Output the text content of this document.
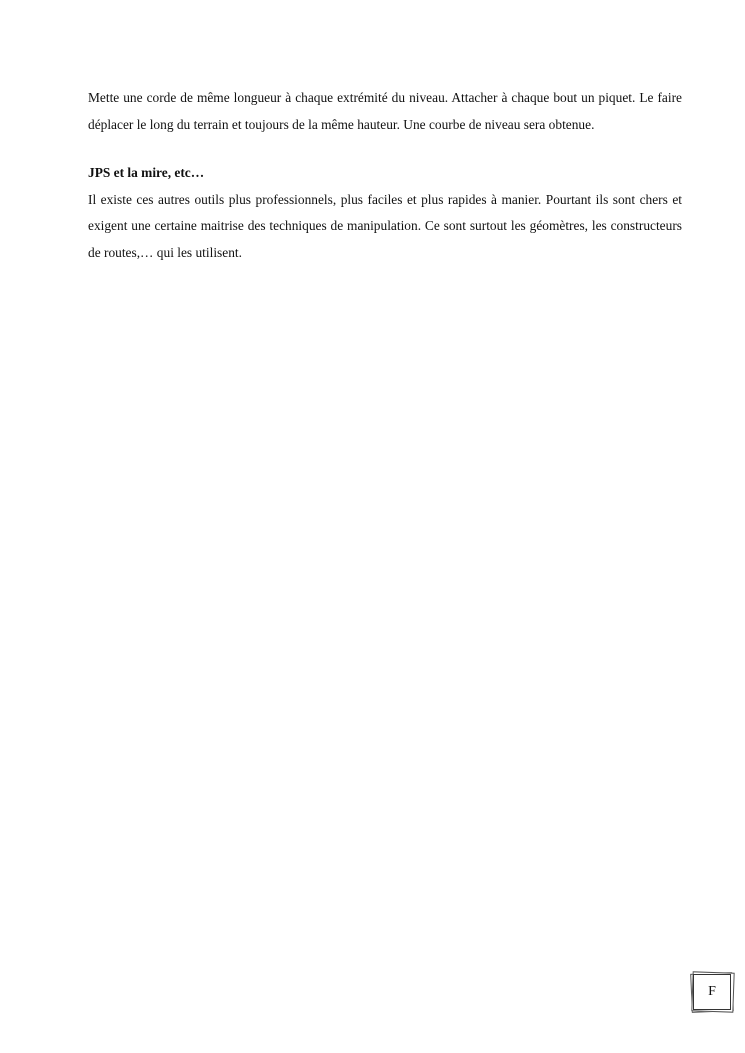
Mette une corde de même longueur à chaque extrémité du niveau. Attacher à chaque bout un piquet. Le faire déplacer le long du terrain et toujours de la même hauteur. Une courbe de niveau sera obtenue.

JPS et la mire, etc…

Il existe ces autres outils plus professionnels, plus faciles et plus rapides à manier. Pourtant ils sont chers et exigent une certaine maitrise des techniques de manipulation. Ce sont surtout les géomètres, les constructeurs de routes,… qui les utilisent.

F
